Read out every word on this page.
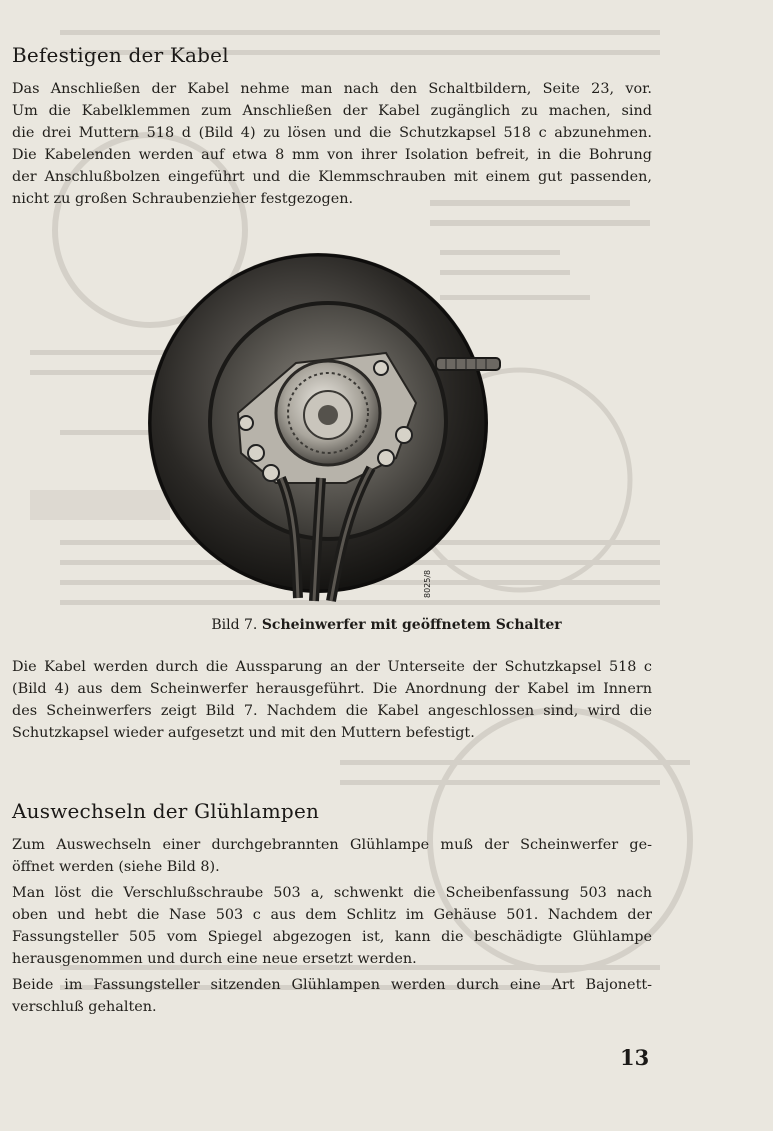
Befestigen der Kabel
Das Anschließen der Kabel nehme man nach den Schaltbildern, Seite 23, vor.
Um die Kabelklemmen zum Anschließen der Kabel zugänglich zu machen, sind
die drei Muttern 518 d (Bild 4) zu lösen und die Schutzkapsel 518 c abzunehmen.
Die Kabelenden werden auf etwa 8 mm von ihrer Isolation befreit, in die Bohrung
der Anschlußbolzen eingeführt und die Klemmschrauben mit einem gut passenden,
nicht zu großen Schraubenzieher festgezogen.
8025/8
Bild 7. Scheinwerfer mit geöffnetem Schalter
Die Kabel werden durch die Aussparung an der Unterseite der Schutzkapsel 518 c
(Bild 4) aus dem Scheinwerfer herausgeführt. Die Anordnung der Kabel im Innern
des Scheinwerfers zeigt Bild 7. Nachdem die Kabel angeschlossen sind, wird die
Schutzkapsel wieder aufgesetzt und mit den Muttern befestigt.
Auswechseln der Glühlampen
Zum Auswechseln einer durchgebrannten Glühlampe muß der Scheinwerfer ge-
öffnet werden (siehe Bild 8).
Man löst die Verschlußschraube 503 a, schwenkt die Scheibenfassung 503 nach
oben und hebt die Nase 503 c aus dem Schlitz im Gehäuse 501. Nachdem der
Fassungsteller 505 vom Spiegel abgezogen ist, kann die beschädigte Glühlampe
herausgenommen und durch eine neue ersetzt werden.
Beide im Fassungsteller sitzenden Glühlampen werden durch eine Art Bajonett-
verschluß gehalten.
13
